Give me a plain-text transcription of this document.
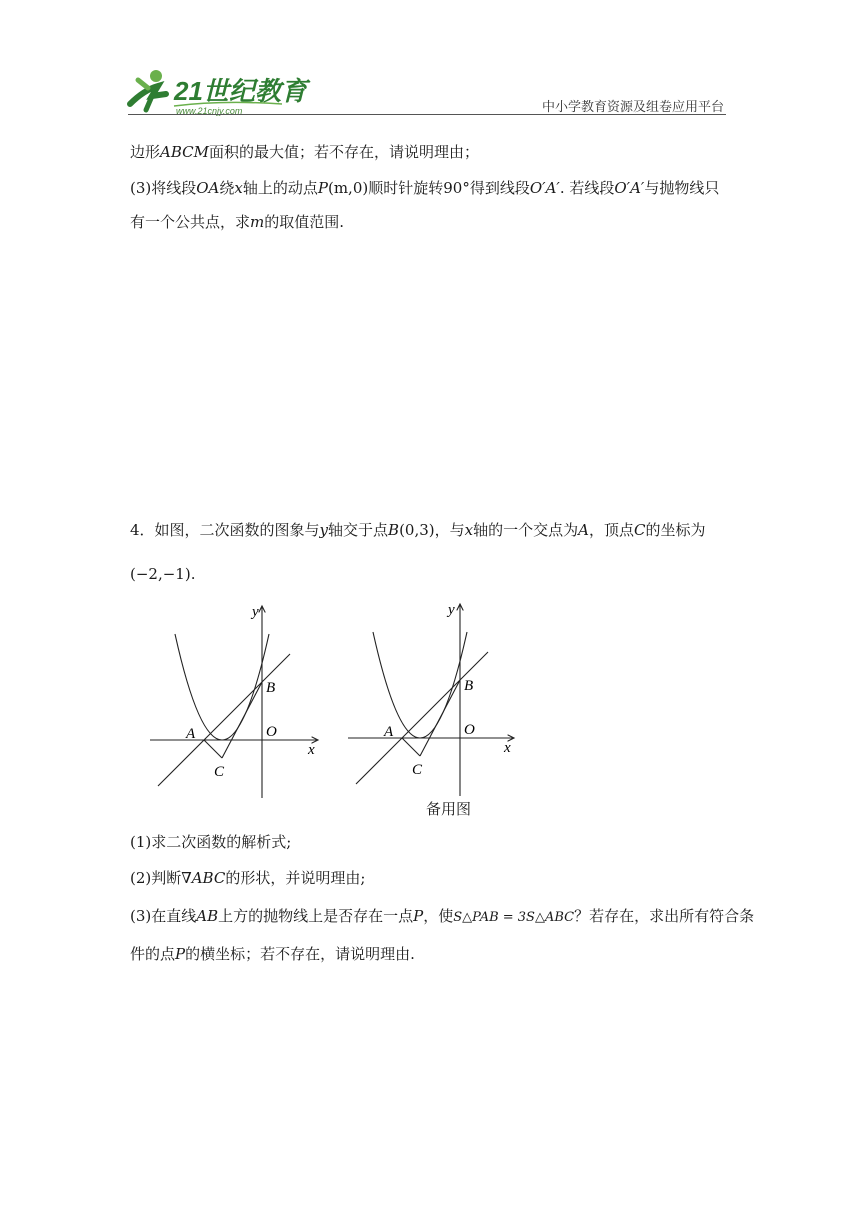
21世纪教育
www.21cnjy.com	中小学教育资源及组卷应用平台
边形ABCM面积的最大值；若不存在，请说明理由；
(3)将线段OA绕x轴上的动点P(m,0)顺时针旋转90°得到线段O′A′. 若线段O′A′与抛物线只
有一个公共点，求m的取值范围.
4．如图，二次函数的图象与y轴交于点B(0,3)，与x轴的一个交点为A，顶点C的坐标为
(−2,−1).
y
x
A
B
C
O
y
x
A
B
C
O
备用图
(1)求二次函数的解析式;
(2)判断∇ABC的形状，并说明理由;
(3)在直线AB上方的抛物线上是否存在一点P，使S△PAB = 3S△ABC？若存在，求出所有符合条
件的点P的横坐标；若不存在，请说明理由.
